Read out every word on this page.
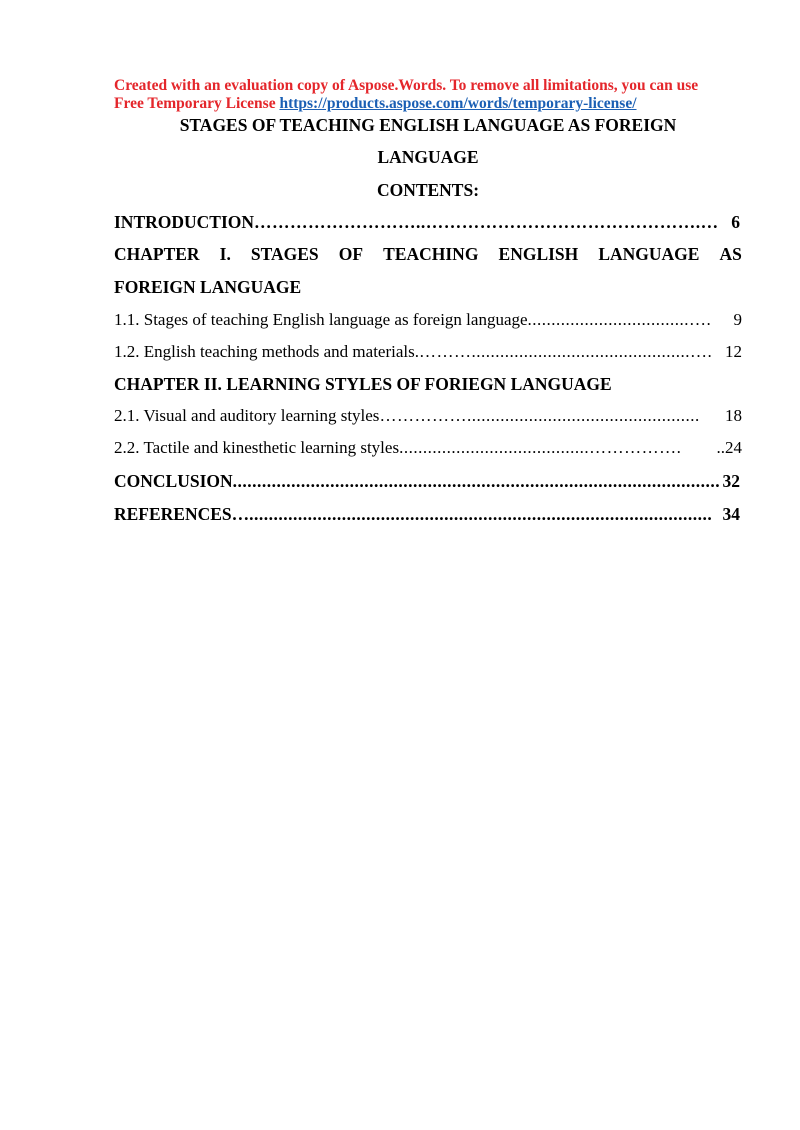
Created with an evaluation copy of Aspose.Words. To remove all limitations, you can use
Free Temporary License https://products.aspose.com/words/temporary-license/
STAGES OF TEACHING ENGLISH LANGUAGE AS FOREIGN
LANGUAGE
CONTENTS:
INTRODUCTION ………………………..……………………………………….… 6
CHAPTER I. STAGES OF TEACHING ENGLISH LANGUAGE AS
FOREIGN LANGUAGE
1.1. Stages of teaching English language as foreign language ..................................….	9
1.2. English teaching methods and materials. ………..............................................…. 12
CHAPTER II. LEARNING STYLES OF FORIEGN LANGUAGE
2.1. Visual and auditory learning styles …………….................................................	18
2.2. Tactile and kinesthetic learning styles ........................................…………….	..24
CONCLUSION .................................................................................................... 32
REFERENCES… ............................................................................................... 34
